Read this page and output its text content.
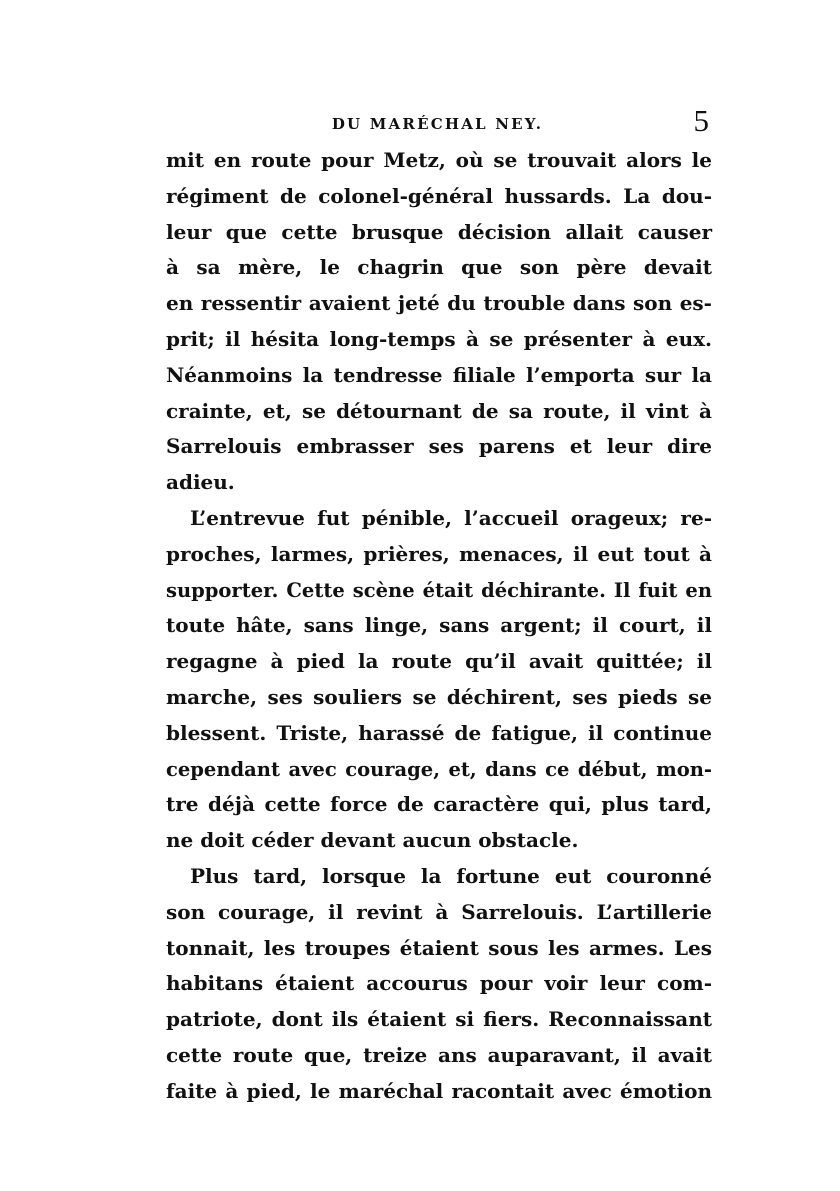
DU MARÉCHAL NEY.	5
mit en route pour Metz, où se trouvait alors le
régiment de colonel-général hussards. La dou-
leur que cette brusque décision allait causer
à sa mère, le chagrin que son père devait
en ressentir avaient jeté du trouble dans son es-
prit; il hésita long-temps à se présenter à eux.
Néanmoins la tendresse filiale l’emporta sur la
crainte, et, se détournant de sa route, il vint à
Sarrelouis embrasser ses parens et leur dire
adieu.
L’entrevue fut pénible, l’accueil orageux; re-
proches, larmes, prières, menaces, il eut tout à
supporter. Cette scène était déchirante. Il fuit en
toute hâte, sans linge, sans argent; il court, il
regagne à pied la route qu’il avait quittée; il
marche, ses souliers se déchirent, ses pieds se
blessent. Triste, harassé de fatigue, il continue
cependant avec courage, et, dans ce début, mon-
tre déjà cette force de caractère qui, plus tard,
ne doit céder devant aucun obstacle.
Plus tard, lorsque la fortune eut couronné
son courage, il revint à Sarrelouis. L’artillerie
tonnait, les troupes étaient sous les armes. Les
habitans étaient accourus pour voir leur com-
patriote, dont ils étaient si fiers. Reconnaissant
cette route que, treize ans auparavant, il avait
faite à pied, le maréchal racontait avec émotion
